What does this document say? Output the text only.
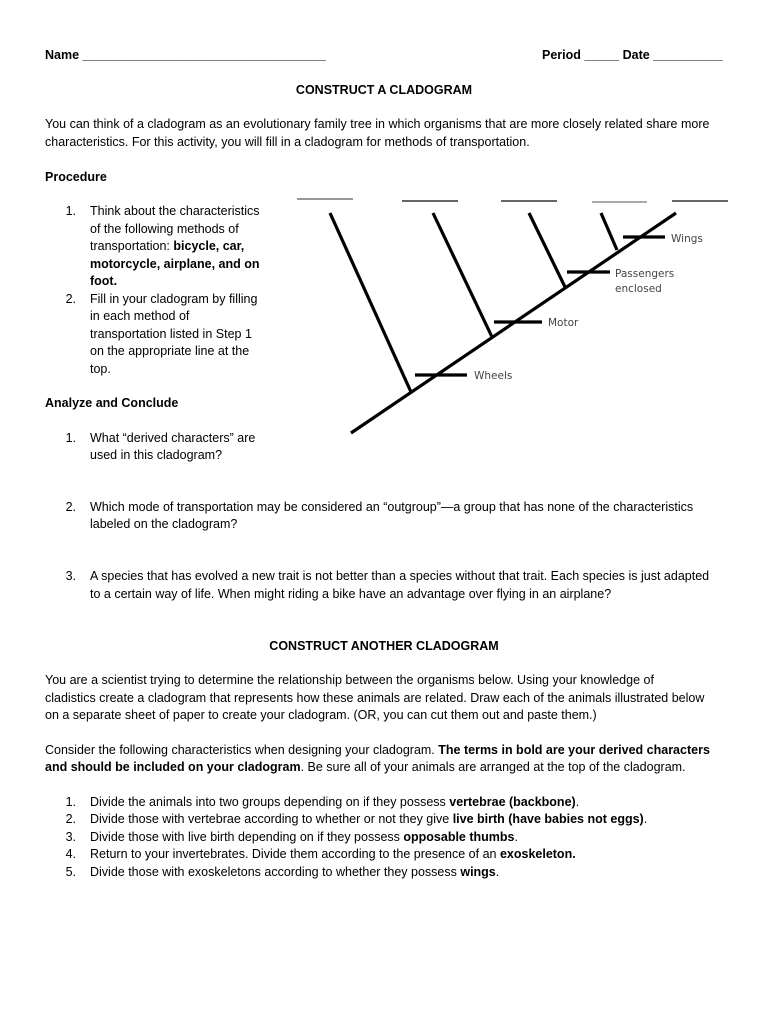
Name ___________________________________	Period _____ Date __________
CONSTRUCT A CLADOGRAM
You can think of a cladogram as an evolutionary family tree in which organisms that are more closely related share more
characteristics. For this activity, you will fill in a cladogram for methods of transportation.
Procedure
1. Think about the characteristics
of the following methods of
transportation: bicycle, car,
motorcycle, airplane, and on
foot.
2. Fill in your cladogram by filling
in each method of
transportation listed in Step 1
on the appropriate line at the
top.
Analyze and Conclude
1. What “derived characters” are
used in this cladogram?
2. Which mode of transportation may be considered an “outgroup”—a group that has none of the characteristics
labeled on the cladogram?
3. A species that has evolved a new trait is not better than a species without that trait. Each species is just adapted
to a certain way of life. When might riding a bike have an advantage over flying in an airplane?
Wheels
Motor
Passengers
enclosed
Wings
CONSTRUCT ANOTHER CLADOGRAM
You are a scientist trying to determine the relationship between the organisms below. Using your knowledge of
cladistics create a cladogram that represents how these animals are related. Draw each of the animals illustrated below
on a separate sheet of paper to create your cladogram. (OR, you can cut them out and paste them.)
Consider the following characteristics when designing your cladogram. The terms in bold are your derived characters
and should be included on your cladogram. Be sure all of your animals are arranged at the top of the cladogram.
1. Divide the animals into two groups depending on if they possess vertebrae (backbone).
2. Divide those with vertebrae according to whether or not they give live birth (have babies not eggs).
3. Divide those with live birth depending on if they possess opposable thumbs.
4. Return to your invertebrates. Divide them according to the presence of an exoskeleton.
5. Divide those with exoskeletons according to whether they possess wings.
